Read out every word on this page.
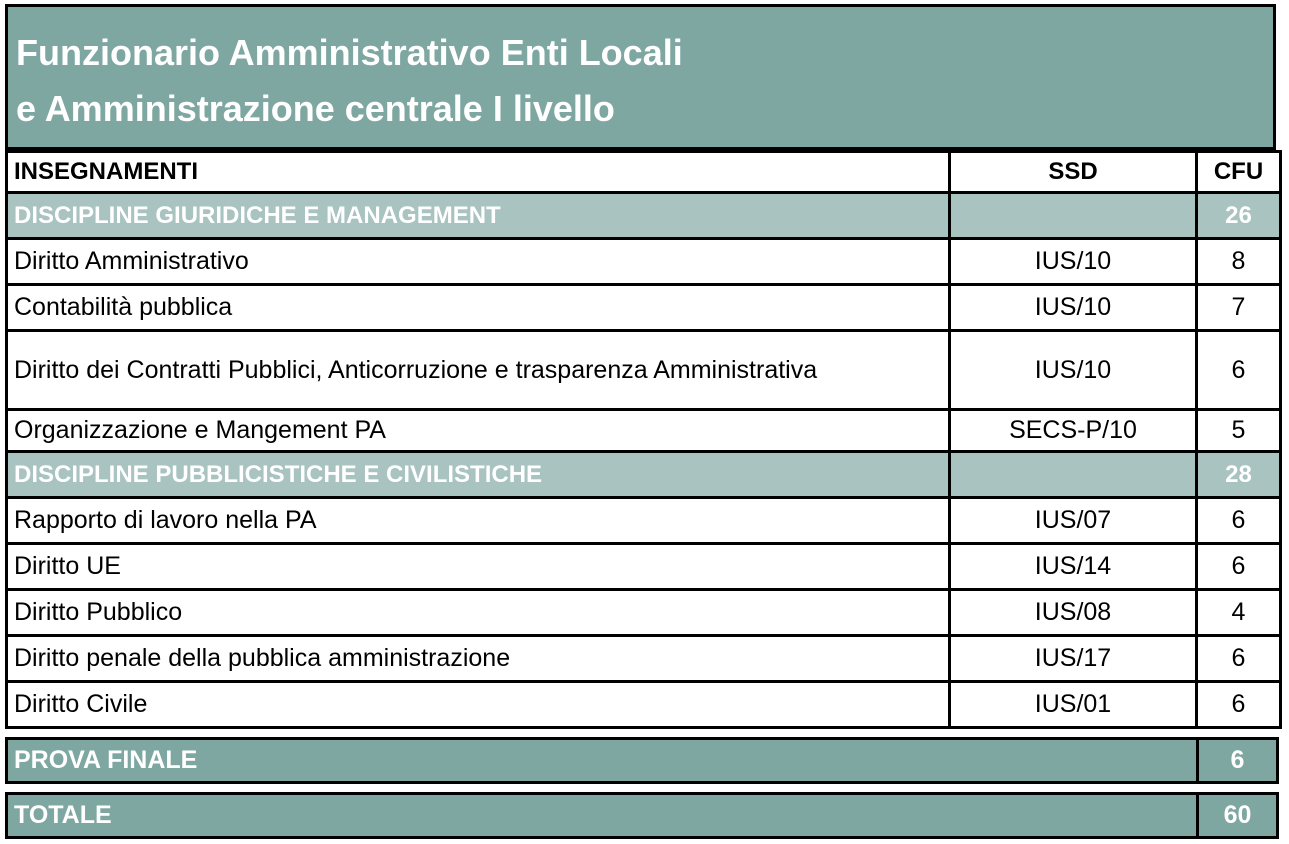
Funzionario Amministrativo Enti Locali
e Amministrazione centrale I livello
INSEGNAMENTI	SSD	CFU
DISCIPLINE GIURIDICHE E MANAGEMENT		26
Diritto Amministrativo	IUS/10	8
Contabilità pubblica	IUS/10	7
Diritto dei Contratti Pubblici, Anticorruzione e trasparenza Amministrativa	IUS/10	6
Organizzazione e Mangement PA	SECS-P/10	5
DISCIPLINE PUBBLICISTICHE E CIVILISTICHE		28
Rapporto di lavoro nella PA	IUS/07	6
Diritto UE	IUS/14	6
Diritto Pubblico	IUS/08	4
Diritto penale della pubblica amministrazione	IUS/17	6
Diritto Civile	IUS/01	6
PROVA FINALE	6
TOTALE	60
